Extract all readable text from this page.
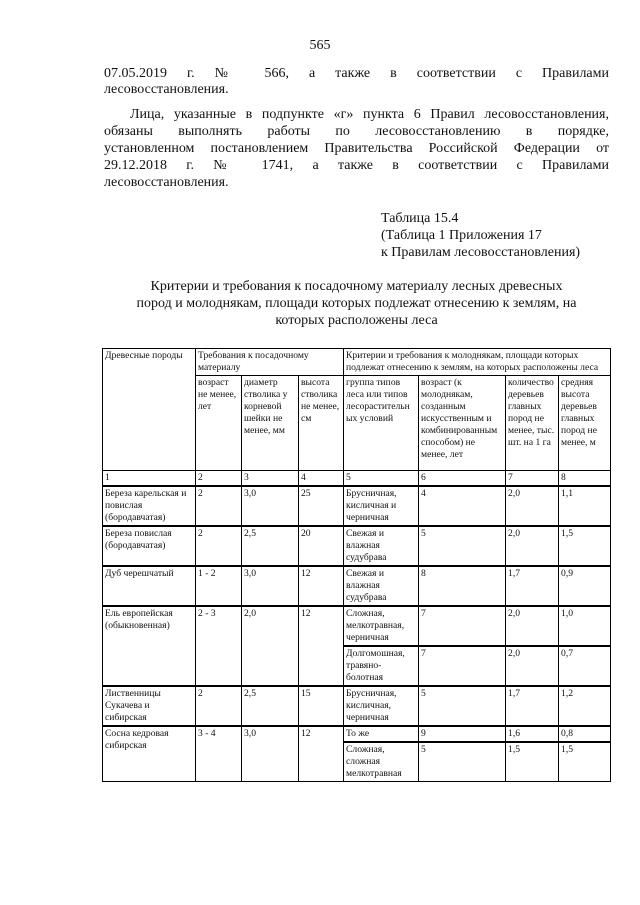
565
07.05.2019 г. № 566, а также в соответствии с Правилами
лесовосстановления.
Лица, указанные в подпункте «г» пункта 6 Правил лесовосстановления,
обязаны выполнять работы по лесовосстановлению в порядке,
установленном постановлением Правительства Российской Федерации от
29.12.2018 г. № 1741, а также в соответствии с Правилами
лесовосстановления.
Таблица 15.4
(Таблица 1 Приложения 17
к Правилам лесовосстановления)
Критерии и требования к посадочному материалу лесных древесных
пород и молоднякам, площади которых подлежат отнесению к землям, на
которых расположены леса
Древесные породы	Требования к посадочному материалу			Критерии и требования к молоднякам, площади которых подлежат отнесению к землям, на которых расположены леса			
	возраст не менее, лет	диаметр стволика у корневой шейки не менее, мм	высота стволика не менее, см	группа типов леса или типов лесорастительных условий	возраст (к молоднякам, созданным искусственным и комбинированным способом) не менее, лет	количество деревьев главных пород не менее, тыс. шт. на 1 га	средняя высота деревьев главных пород не менее, м
1	2	3	4	5	6	7	8
Береза карельская и повислая (бородавчатая)	2	3,0	25	Брусничная, кисличная и черничная	4	2,0	1,1
Береза повислая (бородавчатая)	2	2,5	20	Свежая и влажная судубрава	5	2,0	1,5
Дуб черешчатый	1 - 2	3,0	12	Свежая и влажная судубрава	8	1,7	0,9
Ель европейская (обыкновенная)	2 - 3	2,0	12	Сложная, мелкотравная, черничная	7	2,0	1,0
				Долгомошная, травяно-болотная	7	2,0	0,7
Лиственницы Сукачева и сибирская	2	2,5	15	Брусничная, кисличная, черничная	5	1,7	1,2
Сосна кедровая сибирская	3 - 4	3,0	12	То же	9	1,6	0,8
				Сложная, сложная мелкотравная	5	1,5	1,5
